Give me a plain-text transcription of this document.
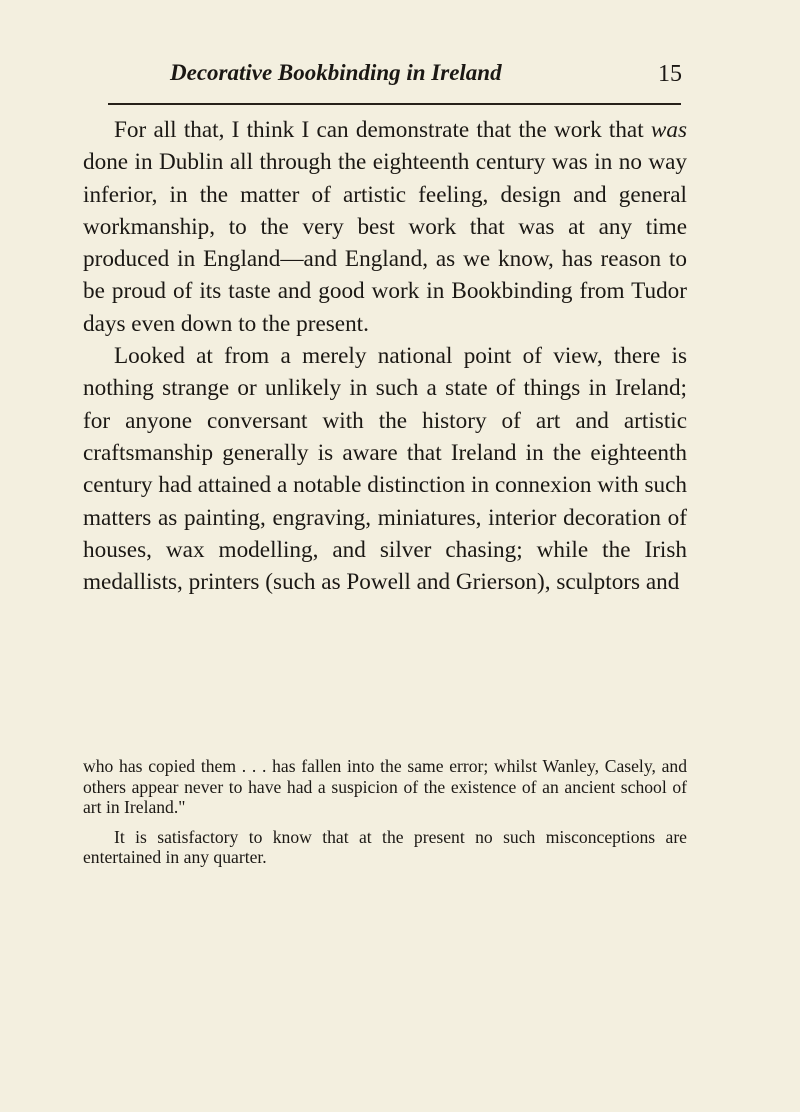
Decorative Bookbinding in Ireland	15

For all that, I think I can demonstrate that the work that was done in Dublin all through the eighteenth century was in no way inferior, in the matter of artistic feeling, design and general workmanship, to the very best work that was at any time produced in England—and England, as we know, has reason to be proud of its taste and good work in Bookbinding from Tudor days even down to the present.

Looked at from a merely national point of view, there is nothing strange or unlikely in such a state of things in Ireland; for anyone conversant with the history of art and artistic craftsmanship generally is aware that Ireland in the eighteenth century had attained a notable distinction in connexion with such matters as painting, engraving, miniatures, interior decoration of houses, wax modelling, and silver chasing; while the Irish medallists, printers (such as Powell and Grierson), sculptors and

who has copied them . . . has fallen into the same error; whilst Wanley, Casely, and others appear never to have had a suspicion of the existence of an ancient school of art in Ireland."

It is satisfactory to know that at the present no such misconceptions are entertained in any quarter.
